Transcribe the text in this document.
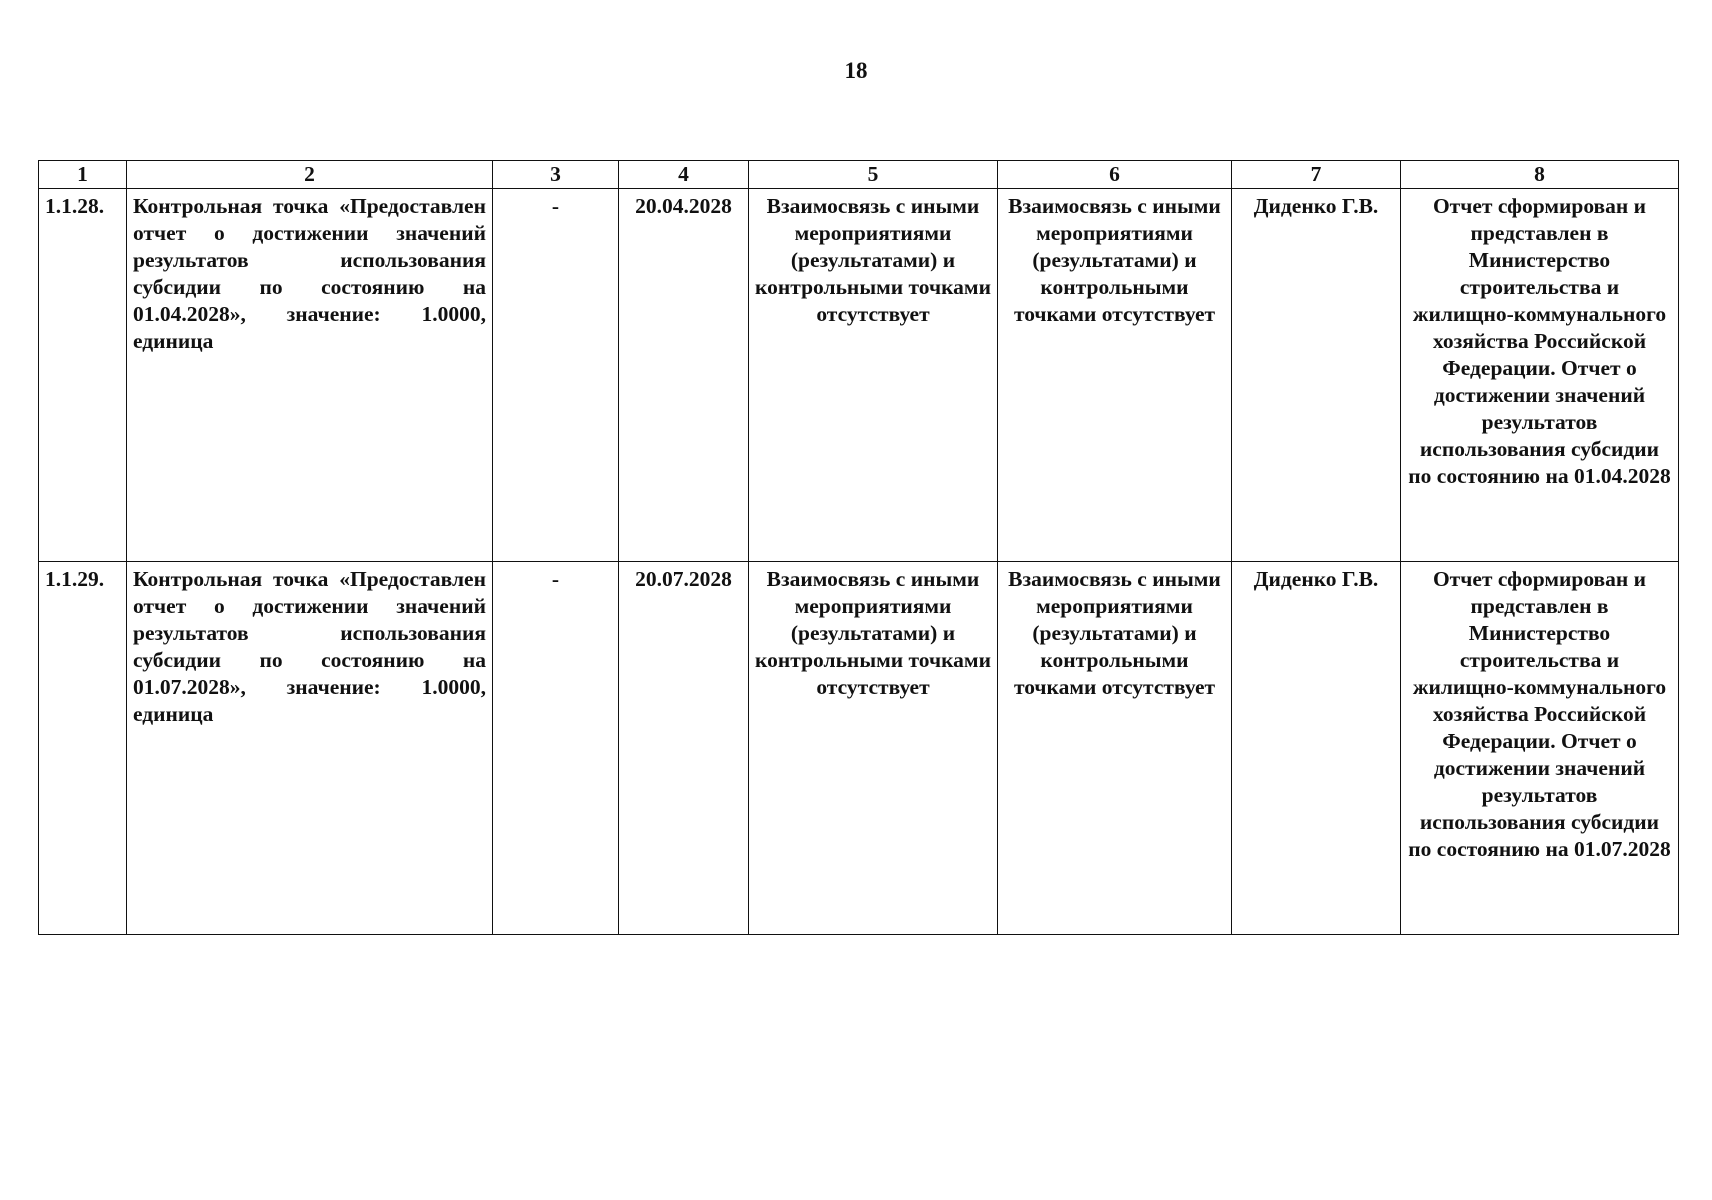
18
1	2	3	4	5	6	7	8
1.1.28.	Контрольная точка «Предоставлен отчет о достижении значений результатов использования субсидии по состоянию на 01.04.2028», значение: 1.0000, единица	-	20.04.2028	Взаимосвязь с иными мероприятиями (результатами) и контрольными точками отсутствует	Взаимосвязь с иными мероприятиями (результатами) и контрольными точками отсутствует	Диденко Г.В.	Отчет сформирован и представлен в Министерство строительства и жилищно-коммунального хозяйства Российской Федерации. Отчет о достижении значений результатов использования субсидии по состоянию на 01.04.2028
1.1.29.	Контрольная точка «Предоставлен отчет о достижении значений результатов использования субсидии по состоянию на 01.07.2028», значение: 1.0000, единица	-	20.07.2028	Взаимосвязь с иными мероприятиями (результатами) и контрольными точками отсутствует	Взаимосвязь с иными мероприятиями (результатами) и контрольными точками отсутствует	Диденко Г.В.	Отчет сформирован и представлен в Министерство строительства и жилищно-коммунального хозяйства Российской Федерации. Отчет о достижении значений результатов использования субсидии по состоянию на 01.07.2028
